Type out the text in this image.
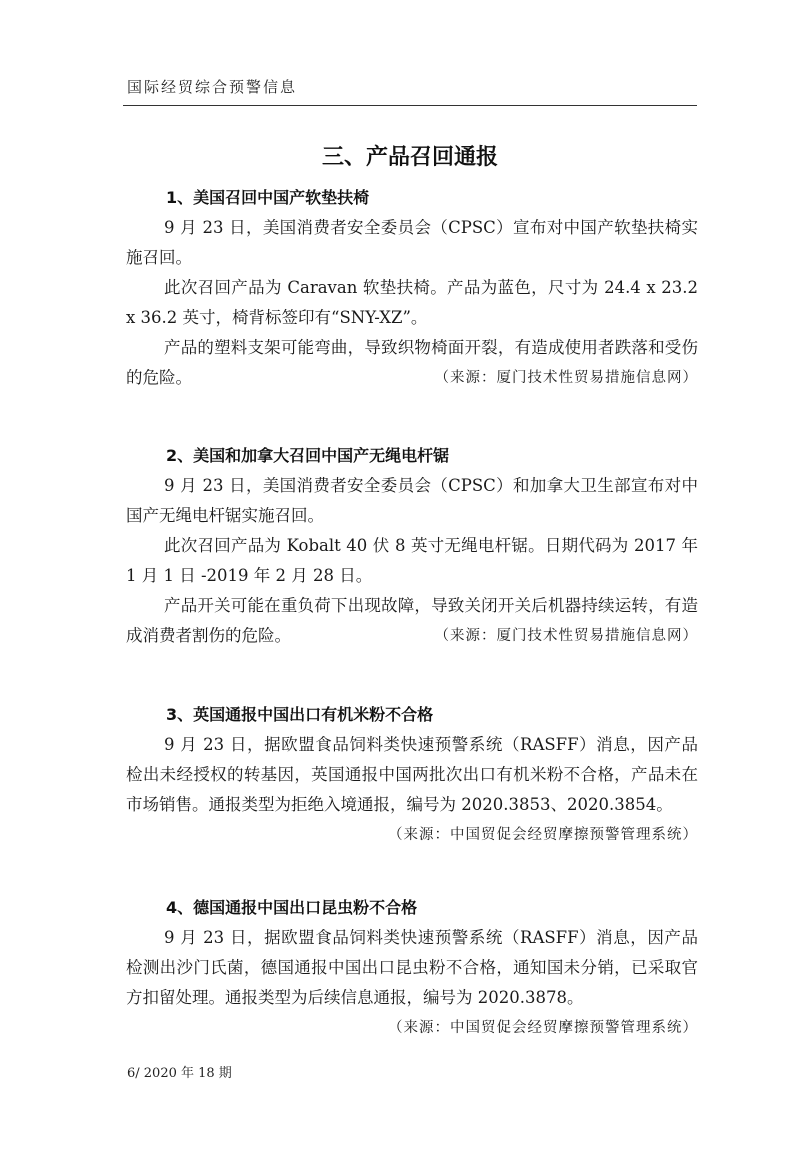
国际经贸综合预警信息
三、产品召回通报
1、美国召回中国产软垫扶椅

9 月 23 日，美国消费者安全委员会（CPSC）宣布对中国产软垫扶椅实施召回。

此次召回产品为 Caravan 软垫扶椅。产品为蓝色，尺寸为 24.4 x 23.2 x 36.2 英寸，椅背标签印有“SNY-XZ”。

产品的塑料支架可能弯曲，导致织物椅面开裂，有造成使用者跌落和受伤的危险。	（来源：厦门技术性贸易措施信息网）

2、美国和加拿大召回中国产无绳电杆锯

9 月 23 日，美国消费者安全委员会（CPSC）和加拿大卫生部宣布对中国产无绳电杆锯实施召回。

此次召回产品为 Kobalt 40 伏 8 英寸无绳电杆锯。日期代码为 2017 年 1 月 1 日 -2019 年 2 月 28 日。

产品开关可能在重负荷下出现故障，导致关闭开关后机器持续运转，有造成消费者割伤的危险。	（来源：厦门技术性贸易措施信息网）

3、英国通报中国出口有机米粉不合格

9 月 23 日，据欧盟食品饲料类快速预警系统（RASFF）消息，因产品检出未经授权的转基因，英国通报中国两批次出口有机米粉不合格，产品未在市场销售。通报类型为拒绝入境通报，编号为 2020.3853、2020.3854。
（来源：中国贸促会经贸摩擦预警管理系统）

4、德国通报中国出口昆虫粉不合格

9 月 23 日，据欧盟食品饲料类快速预警系统（RASFF）消息，因产品检测出沙门氏菌，德国通报中国出口昆虫粉不合格，通知国未分销，已采取官方扣留处理。通报类型为后续信息通报，编号为 2020.3878。
（来源：中国贸促会经贸摩擦预警管理系统）

6/ 2020 年 18 期
